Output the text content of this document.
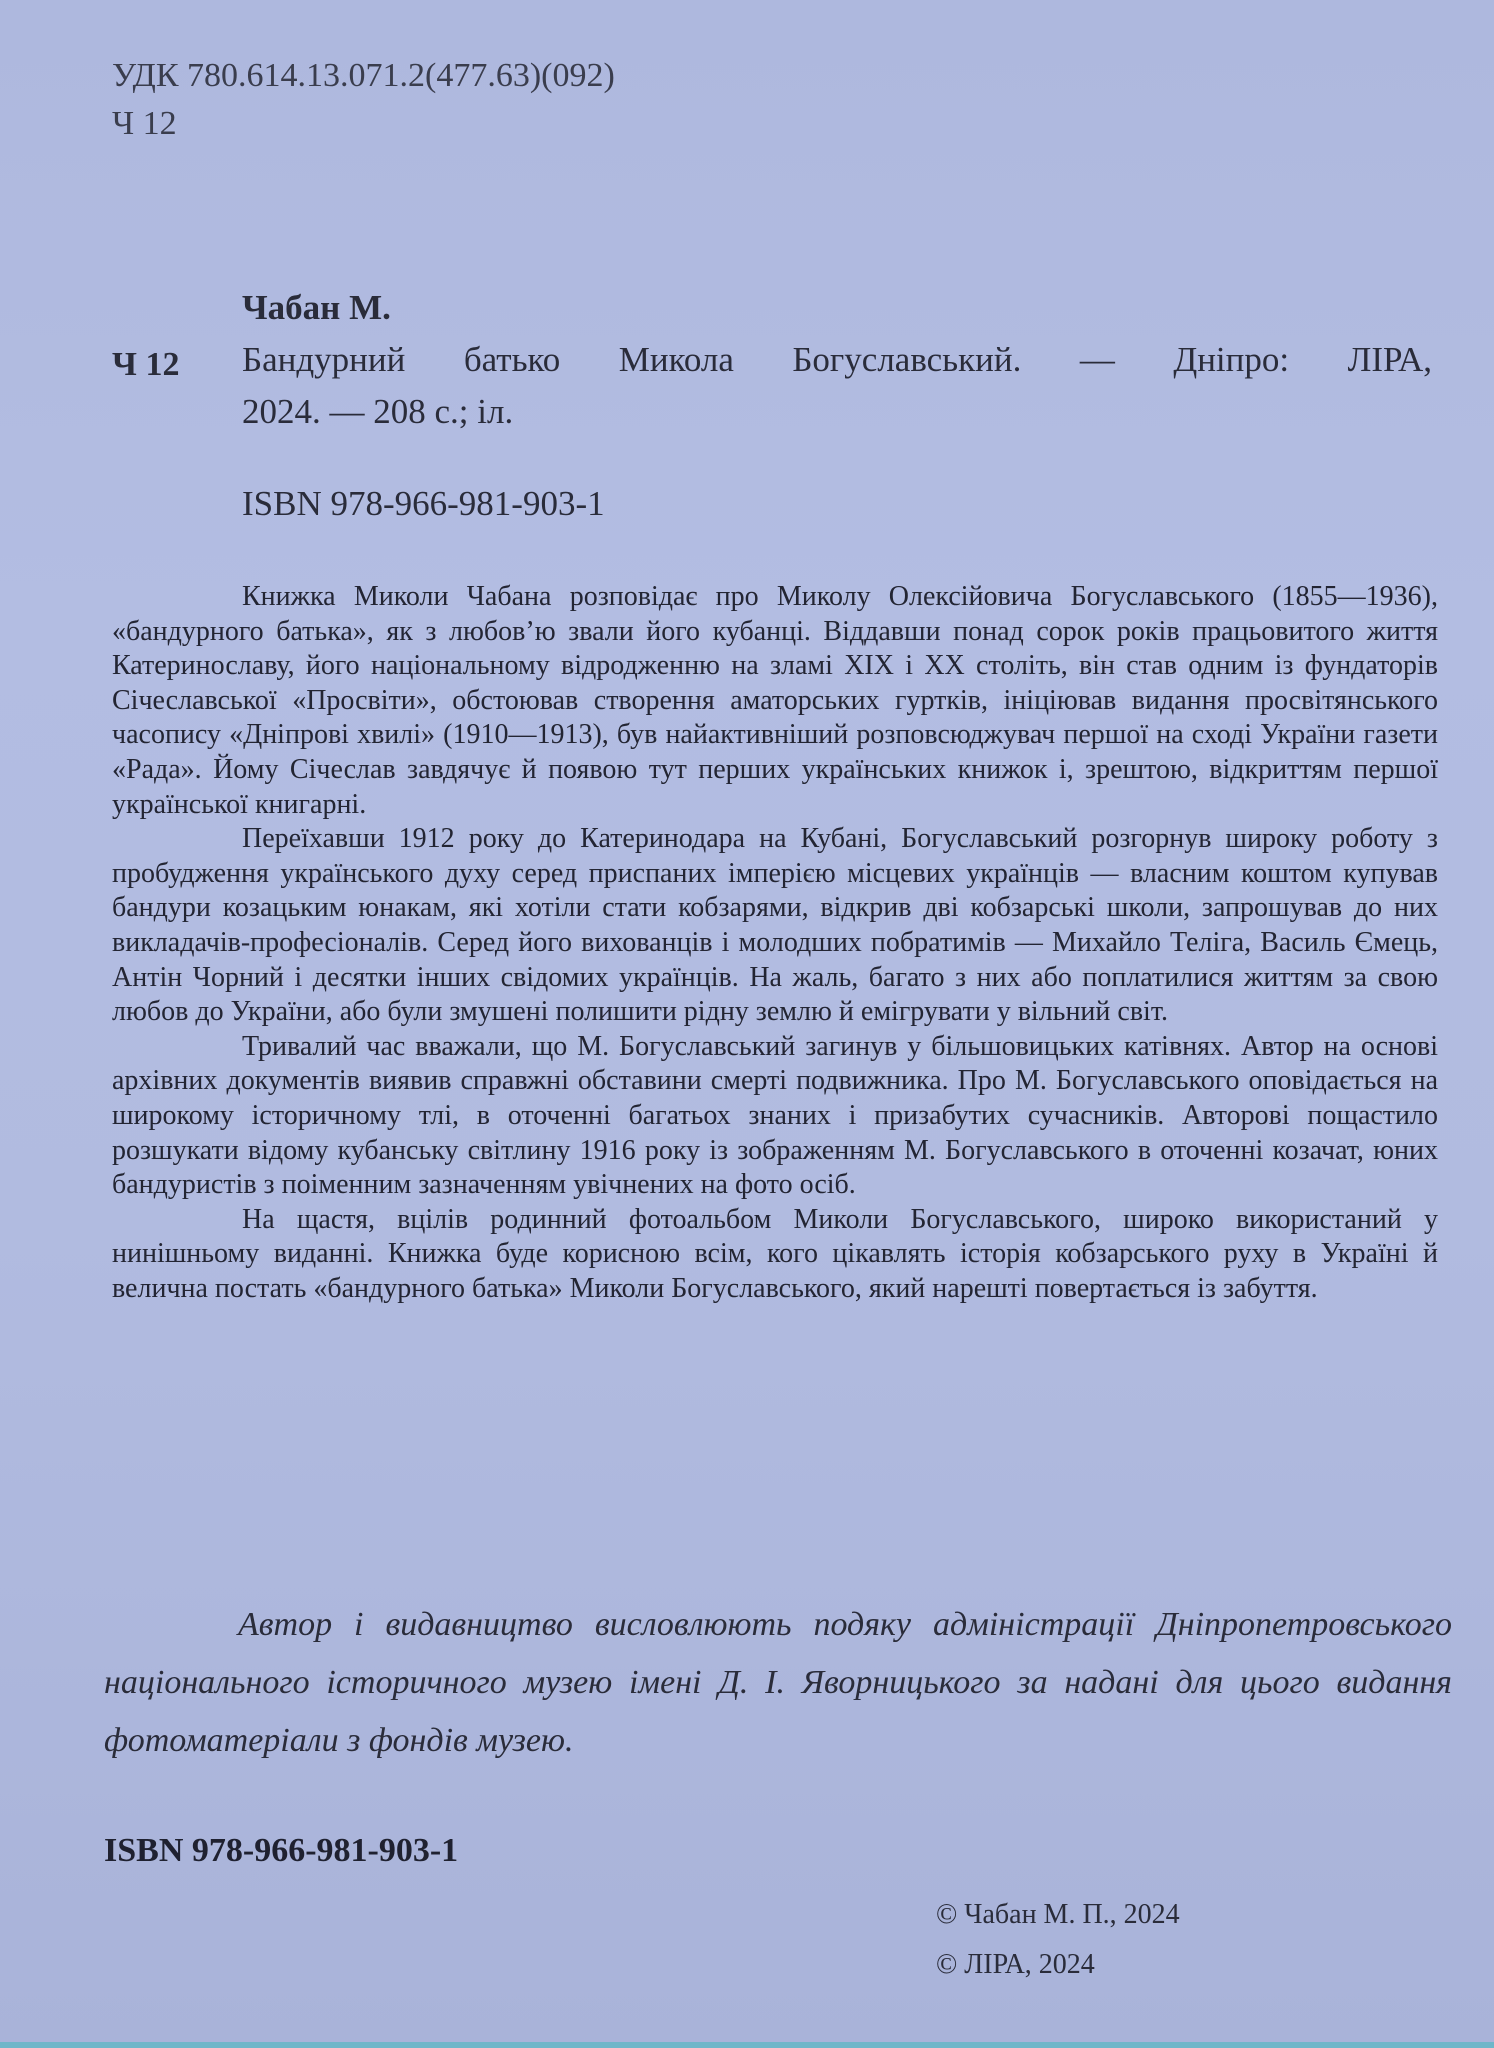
УДК 780.614.13.071.2(477.63)(092)
Ч 12
Ч 12
Чабан М.
Бандурний батько Микола Богуславський. — Дніпро: ЛІРА,
2024. — 208 с.; іл.
ISBN 978-966-981-903-1

Книжка Миколи Чабана розповідає про Миколу Олексійовича Богуславського (1855—1936), «бандурного батька», як з любов’ю звали його кубанці. Віддавши понад сорок років працьовитого життя Катеринославу, його національному відродженню на зламі XIX і XX століть, він став одним із фундаторів Січеславської «Просвіти», обстоював створення аматорських гуртків, ініціював видання просвітянського часопису «Дніпрові хвилі» (1910—1913), був найактивніший розповсюджувач першої на сході України газети «Рада». Йому Січеслав завдячує й появою тут перших українських книжок і, зрештою, відкриттям першої української книгарні.

Переїхавши 1912 року до Катеринодара на Кубані, Богуславський розгорнув широку роботу з пробудження українського духу серед приспаних імперією місцевих українців — власним коштом купував бандури козацьким юнакам, які хотіли стати кобзарями, відкрив дві кобзарські школи, запрошував до них викладачів-професіоналів. Серед його вихованців і молодших побратимів — Михайло Теліга, Василь Ємець, Антін Чорний і десятки інших свідомих українців. На жаль, багато з них або поплатилися життям за свою любов до України, або були змушені полишити рідну землю й емігрувати у вільний світ.

Тривалий час вважали, що М. Богуславський загинув у більшовицьких катівнях. Автор на основі архівних документів виявив справжні обставини смерті подвижника. Про М. Богуславського оповідається на широкому історичному тлі, в оточенні багатьох знаних і призабутих сучасників. Авторові пощастило розшукати відому кубанську світлину 1916 року із зображенням М. Богуславського в оточенні козачат, юних бандуристів з поіменним зазначенням увічнених на фото осіб.

На щастя, вцілів родинний фотоальбом Миколи Богуславського, широко використаний у нинішньому виданні. Книжка буде корисною всім, кого цікавлять історія кобзарського руху в Україні й велична постать «бандурного батька» Миколи Богуславського, який нарешті повертається із забуття.

Автор і видавництво висловлюють подяку адміністрації Дніпропетровського національного історичного музею імені Д. І. Яворницького за надані для цього видання фотоматеріали з фондів музею.
ISBN 978-966-981-903-1
© Чабан М. П., 2024
© ЛІРА, 2024
